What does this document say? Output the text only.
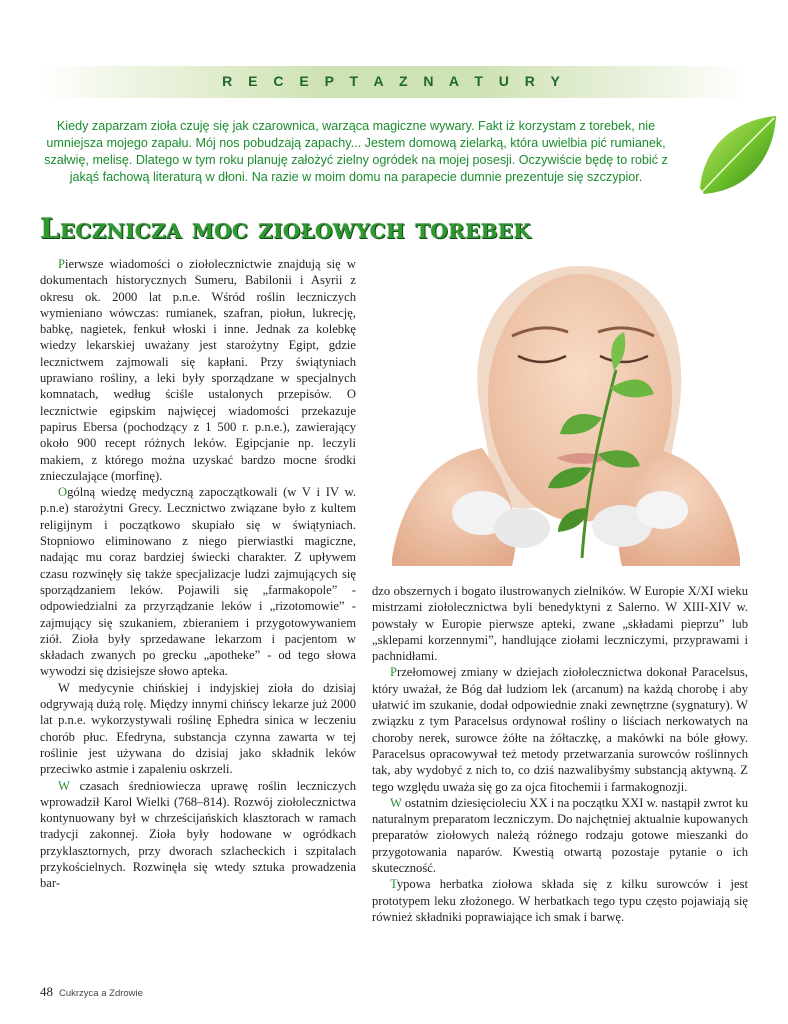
R E C E P T A Z N A T U R Y

Kiedy zaparzam zioła czuję się jak czarownica, warząca magiczne wywary. Fakt iż korzystam z torebek, nie umniejsza mojego zapału. Mój nos pobudzają zapachy... Jestem domową zielarką, która uwielbia pić rumianek, szałwię, melisę. Dlatego w tym roku planuję założyć zielny ogródek na mojej posesji. Oczywiście będę to robić z jakąś fachową literaturą w dłoni. Na razie w moim domu na parapecie dumnie prezentuje się szczypior.

Lecznicza moc ziołowych torebek

Pierwsze wiadomości o ziołolecznictwie znajdują się w dokumentach historycznych Sumeru, Babilonii i Asyrii z okresu ok. 2000 lat p.n.e. Wśród roślin leczniczych wymieniano wówczas: rumianek, szafran, piołun, lukrecję, babkę, nagietek, fenkuł włoski i inne. Jednak za kolebkę wiedzy lekarskiej uważany jest starożytny Egipt, gdzie lecznictwem zajmowali się kapłani. Przy świątyniach uprawiano rośliny, a leki były sporządzane w specjalnych komnatach, według ściśle ustalonych przepisów. O lecznictwie egipskim najwięcej wiadomości przekazuje papirus Ebersa (pochodzący z 1 500 r. p.n.e.), zawierający około 900 recept różnych leków. Egipcjanie np. leczyli makiem, z którego można uzyskać bardzo mocne środki znieczulające (morfinę).

Ogólną wiedzę medyczną zapoczątkowali (w V i IV w. p.n.e) starożytni Grecy. Lecznictwo związane było z kultem religijnym i początkowo skupiało się w świątyniach. Stopniowo eliminowano z niego pierwiastki magiczne, nadając mu coraz bardziej świecki charakter. Z upływem czasu rozwinęły się także specjalizacje ludzi zajmujących się sporządzaniem leków. Pojawili się „farmakopole” - odpowiedzialni za przyrządzanie leków i „rizotomowie” - zajmujący się szukaniem, zbieraniem i przygotowywaniem ziół. Zioła były sprzedawane lekarzom i pacjentom w składach zwanych po grecku „apotheke” - od tego słowa wywodzi się dzisiejsze słowo apteka.

W medycynie chińskiej i indyjskiej zioła do dzisiaj odgrywają dużą rolę. Między innymi chińscy lekarze już 2000 lat p.n.e. wykorzystywali roślinę Ephedra sinica w leczeniu chorób płuc. Efedryna, substancja czynna zawarta w tej roślinie jest używana do dzisiaj jako składnik leków przeciwko astmie i zapaleniu oskrzeli.

W czasach średniowiecza uprawę roślin leczniczych wprowadził Karol Wielki (768–814). Rozwój ziołolecznictwa kontynuowany był w chrześcijańskich klasztorach w ramach tradycji zakonnej. Zioła były hodowane w ogródkach przyklasztornych, przy dworach szlacheckich i szpitalach przykościelnych. Rozwinęła się wtedy sztuka prowadzenia bar-

dzo obszernych i bogato ilustrowanych zielników. W Europie X/XI wieku mistrzami ziołolecznictwa byli benedyktyni z Salerno. W XIII-XIV w. powstały w Europie pierwsze apteki, zwane „składami pieprzu” lub „sklepami korzennymi”, handlujące ziołami leczniczymi, przyprawami i pachnidłami.

Przełomowej zmiany w dziejach ziołolecznictwa dokonał Paracelsus, który uważał, że Bóg dał ludziom lek (arcanum) na każdą chorobę i aby ułatwić im szukanie, dodał odpowiednie znaki zewnętrzne (sygnatury). W związku z tym Paracelsus ordynował rośliny o liściach nerkowatych na choroby nerek, surowce żółte na żółtaczkę, a makówki na bóle głowy. Paracelsus opracowywał też metody przetwarzania surowców roślinnych tak, aby wydobyć z nich to, co dziś nazwalibyśmy substancją aktywną. Z tego względu uważa się go za ojca fitochemii i farmakognozji.

W ostatnim dziesięcioleciu XX i na początku XXI w. nastąpił zwrot ku naturalnym preparatom leczniczym. Do najchętniej aktualnie kupowanych preparatów ziołowych należą różnego rodzaju gotowe mieszanki do przygotowania naparów. Kwestią otwartą pozostaje pytanie o ich skuteczność.

Typowa herbatka ziołowa składa się z kilku surowców i jest prototypem leku złożonego. W herbatkach tego typu często pojawiają się również składniki poprawiające ich smak i barwę.

48 Cukrzyca a Zdrowie
